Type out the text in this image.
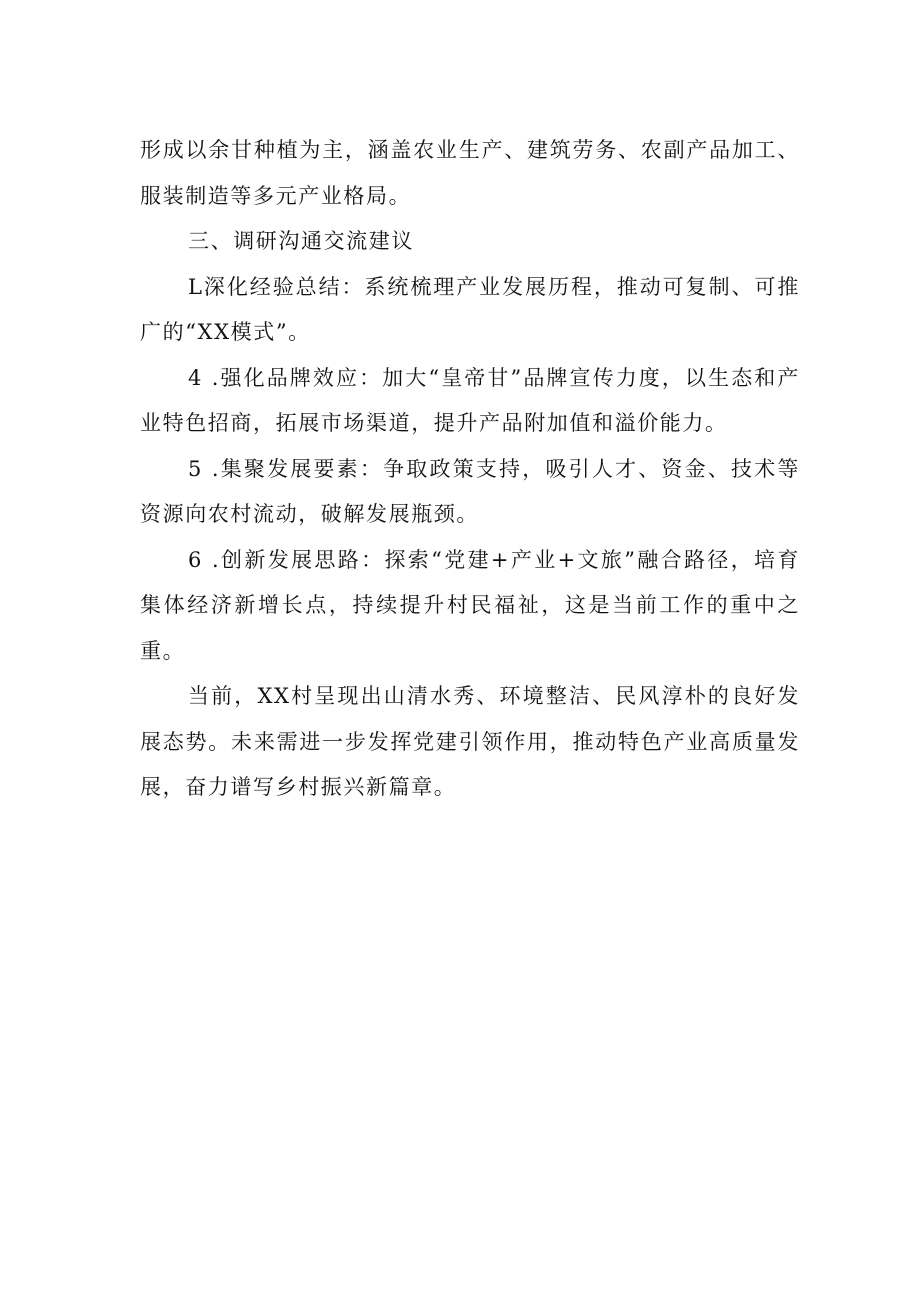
形成以余甘种植为主，涵盖农业生产、建筑劳务、农副产品加工、服装制造等多元产业格局。

三、调研沟通交流建议

L深化经验总结：系统梳理产业发展历程，推动可复制、可推广的“XX模式”。

4 .强化品牌效应：加大“皇帝甘”品牌宣传力度，以生态和产业特色招商，拓展市场渠道，提升产品附加值和溢价能力。

5 .集聚发展要素：争取政策支持，吸引人才、资金、技术等资源向农村流动，破解发展瓶颈。

6 .创新发展思路：探索“党建+产业+文旅”融合路径，培育集体经济新增长点，持续提升村民福祉，这是当前工作的重中之重。

当前，XX村呈现出山清水秀、环境整洁、民风淳朴的良好发展态势。未来需进一步发挥党建引领作用，推动特色产业高质量发展，奋力谱写乡村振兴新篇章。
